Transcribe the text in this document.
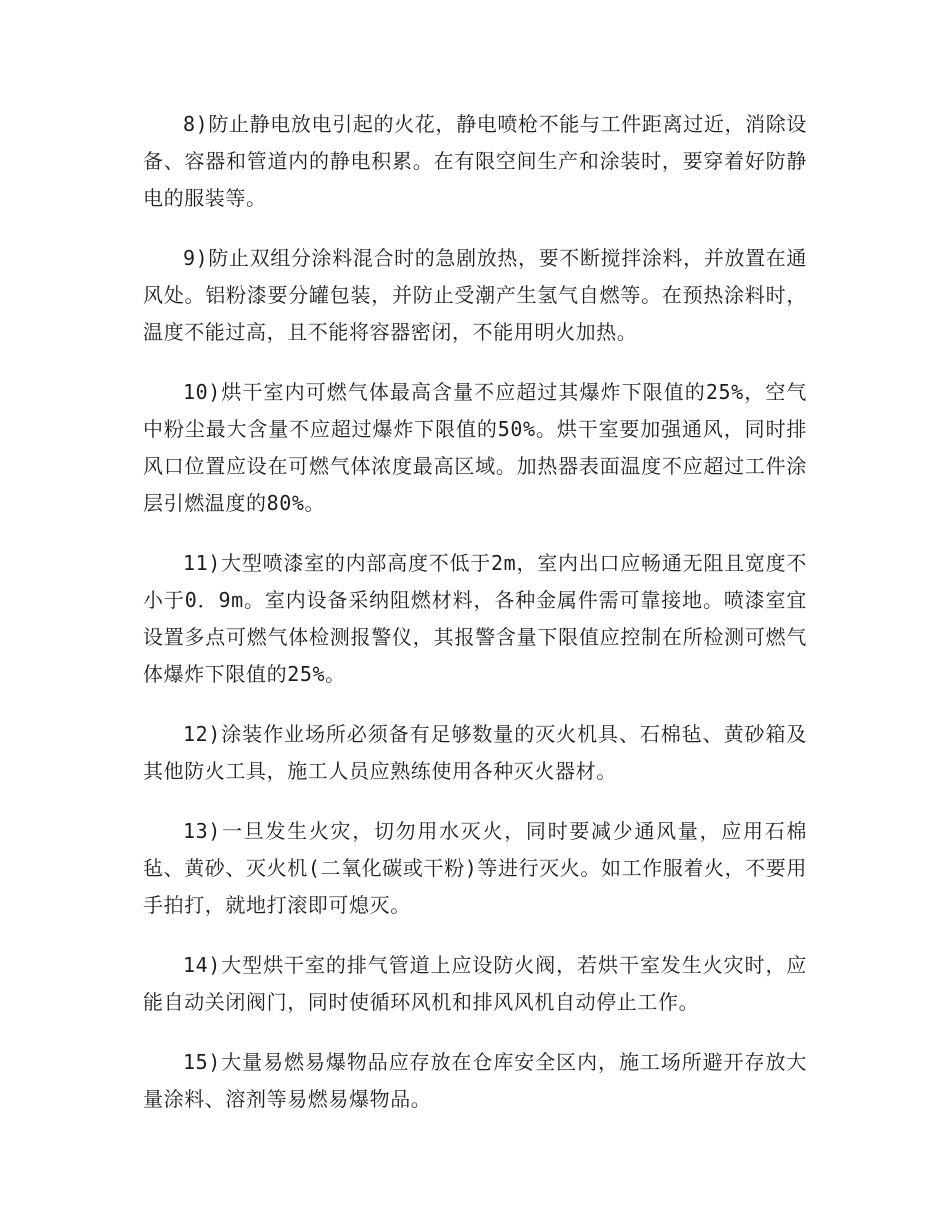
8)防止静电放电引起的火花，静电喷枪不能与工件距离过近，消除设备、容器和管道内的静电积累。在有限空间生产和涂装时，要穿着好防静电的服装等。

9)防止双组分涂料混合时的急剧放热，要不断搅拌涂料，并放置在通风处。铝粉漆要分罐包装，并防止受潮产生氢气自燃等。在预热涂料时，温度不能过高，且不能将容器密闭，不能用明火加热。

10)烘干室内可燃气体最高含量不应超过其爆炸下限值的25%，空气中粉尘最大含量不应超过爆炸下限值的50%。烘干室要加强通风，同时排风口位置应设在可燃气体浓度最高区域。加热器表面温度不应超过工件涂层引燃温度的80%。

11)大型喷漆室的内部高度不低于2m，室内出口应畅通无阻且宽度不小于0．9m。室内设备采纳阻燃材料，各种金属件需可靠接地。喷漆室宜设置多点可燃气体检测报警仪，其报警含量下限值应控制在所检测可燃气体爆炸下限值的25%。

12)涂装作业场所必须备有足够数量的灭火机具、石棉毡、黄砂箱及其他防火工具，施工人员应熟练使用各种灭火器材。

13)一旦发生火灾，切勿用水灭火，同时要减少通风量，应用石棉毡、黄砂、灭火机(二氧化碳或干粉)等进行灭火。如工作服着火，不要用手拍打，就地打滚即可熄灭。

14)大型烘干室的排气管道上应设防火阀，若烘干室发生火灾时，应能自动关闭阀门，同时使循环风机和排风风机自动停止工作。

15)大量易燃易爆物品应存放在仓库安全区内，施工场所避开存放大量涂料、溶剂等易燃易爆物品。
